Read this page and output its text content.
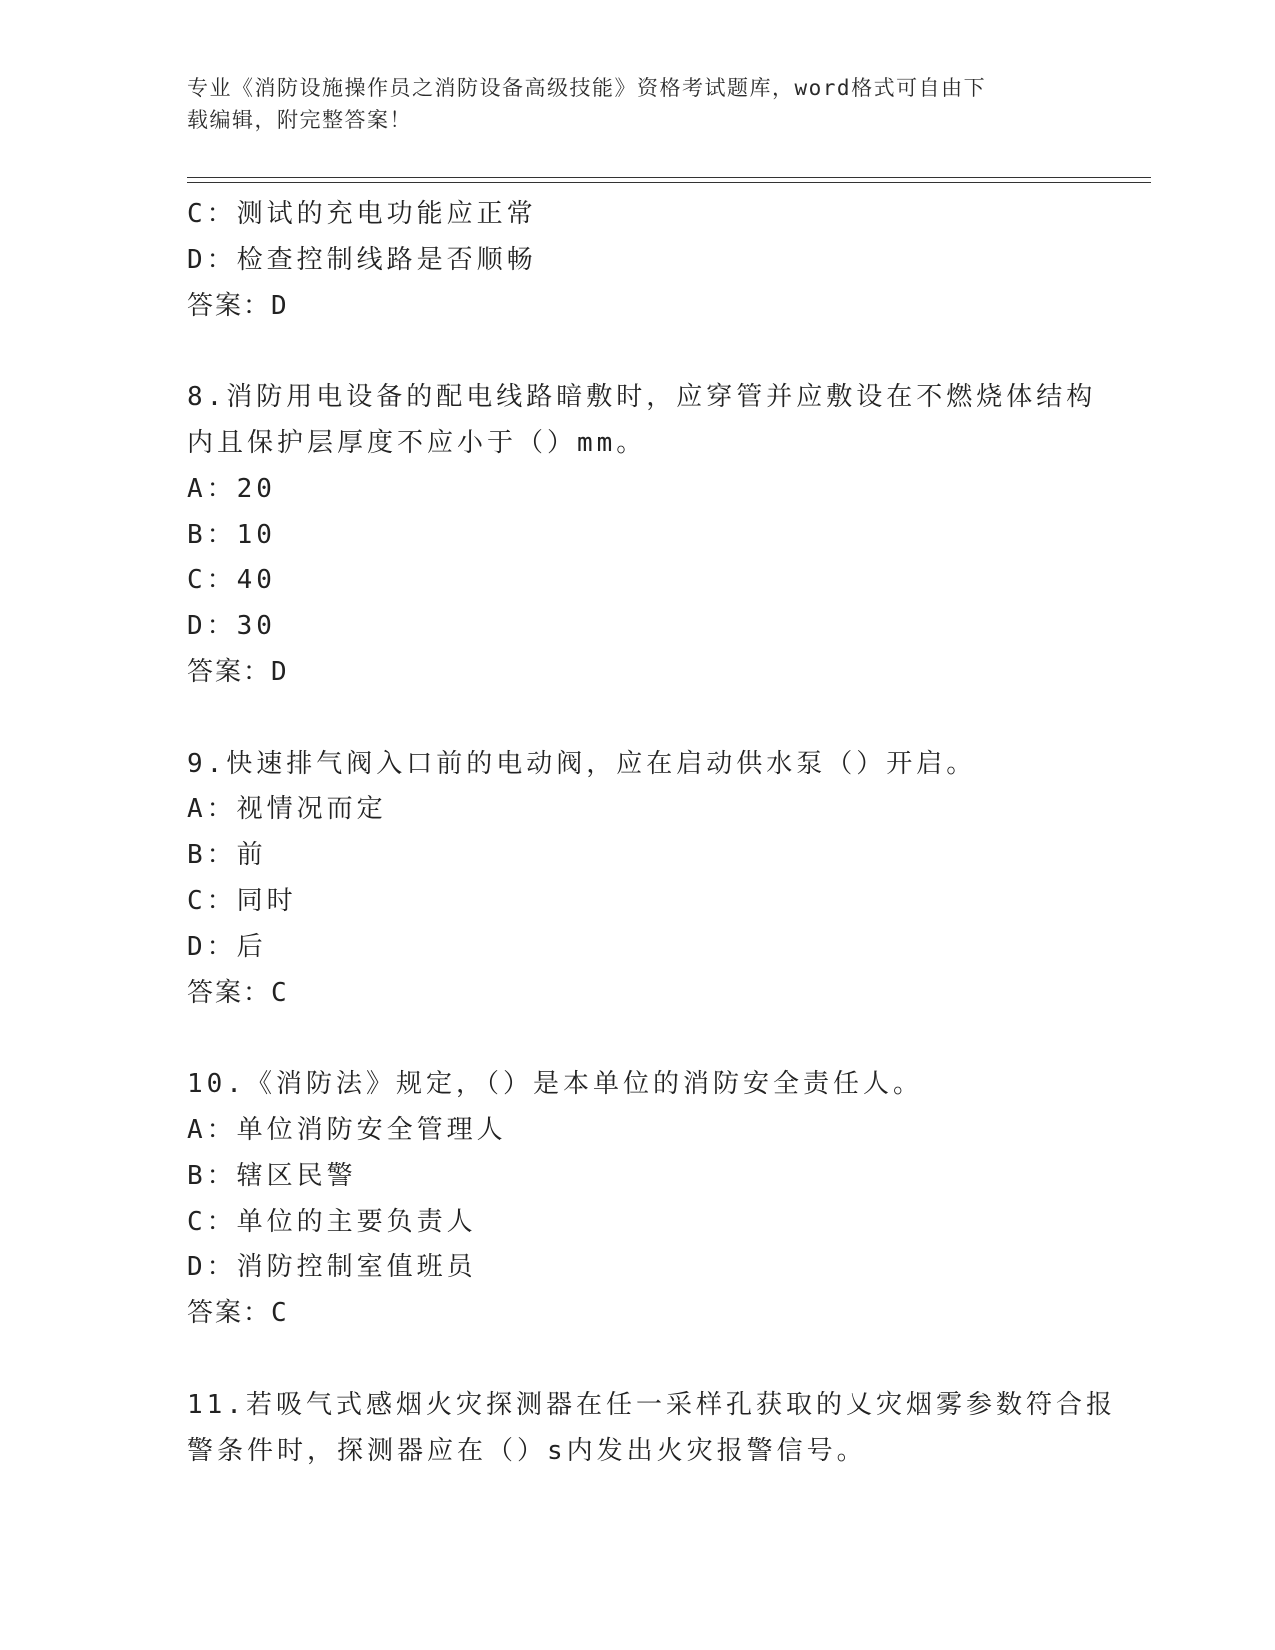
专业《消防设施操作员之消防设备高级技能》资格考试题库，word格式可自由下
载编辑，附完整答案！
C：测试的充电功能应正常
D：检查控制线路是否顺畅
答案：D
8.消防用电设备的配电线路暗敷时，应穿管并应敷设在不燃烧体结构
内且保护层厚度不应小于（）mm。
A：20
B：10
C：40
D：30
答案：D
9.快速排气阀入口前的电动阀，应在启动供水泵（）开启。
A：视情况而定
B：前
C：同时
D：后
答案：C
10.《消防法》规定，（）是本单位的消防安全责任人。
A：单位消防安全管理人
B：辖区民警
C：单位的主要负责人
D：消防控制室值班员
答案：C
11.若吸气式感烟火灾探测器在任一采样孔获取的乂灾烟雾参数符合报
警条件时，探测器应在（）s内发出火灾报警信号。
